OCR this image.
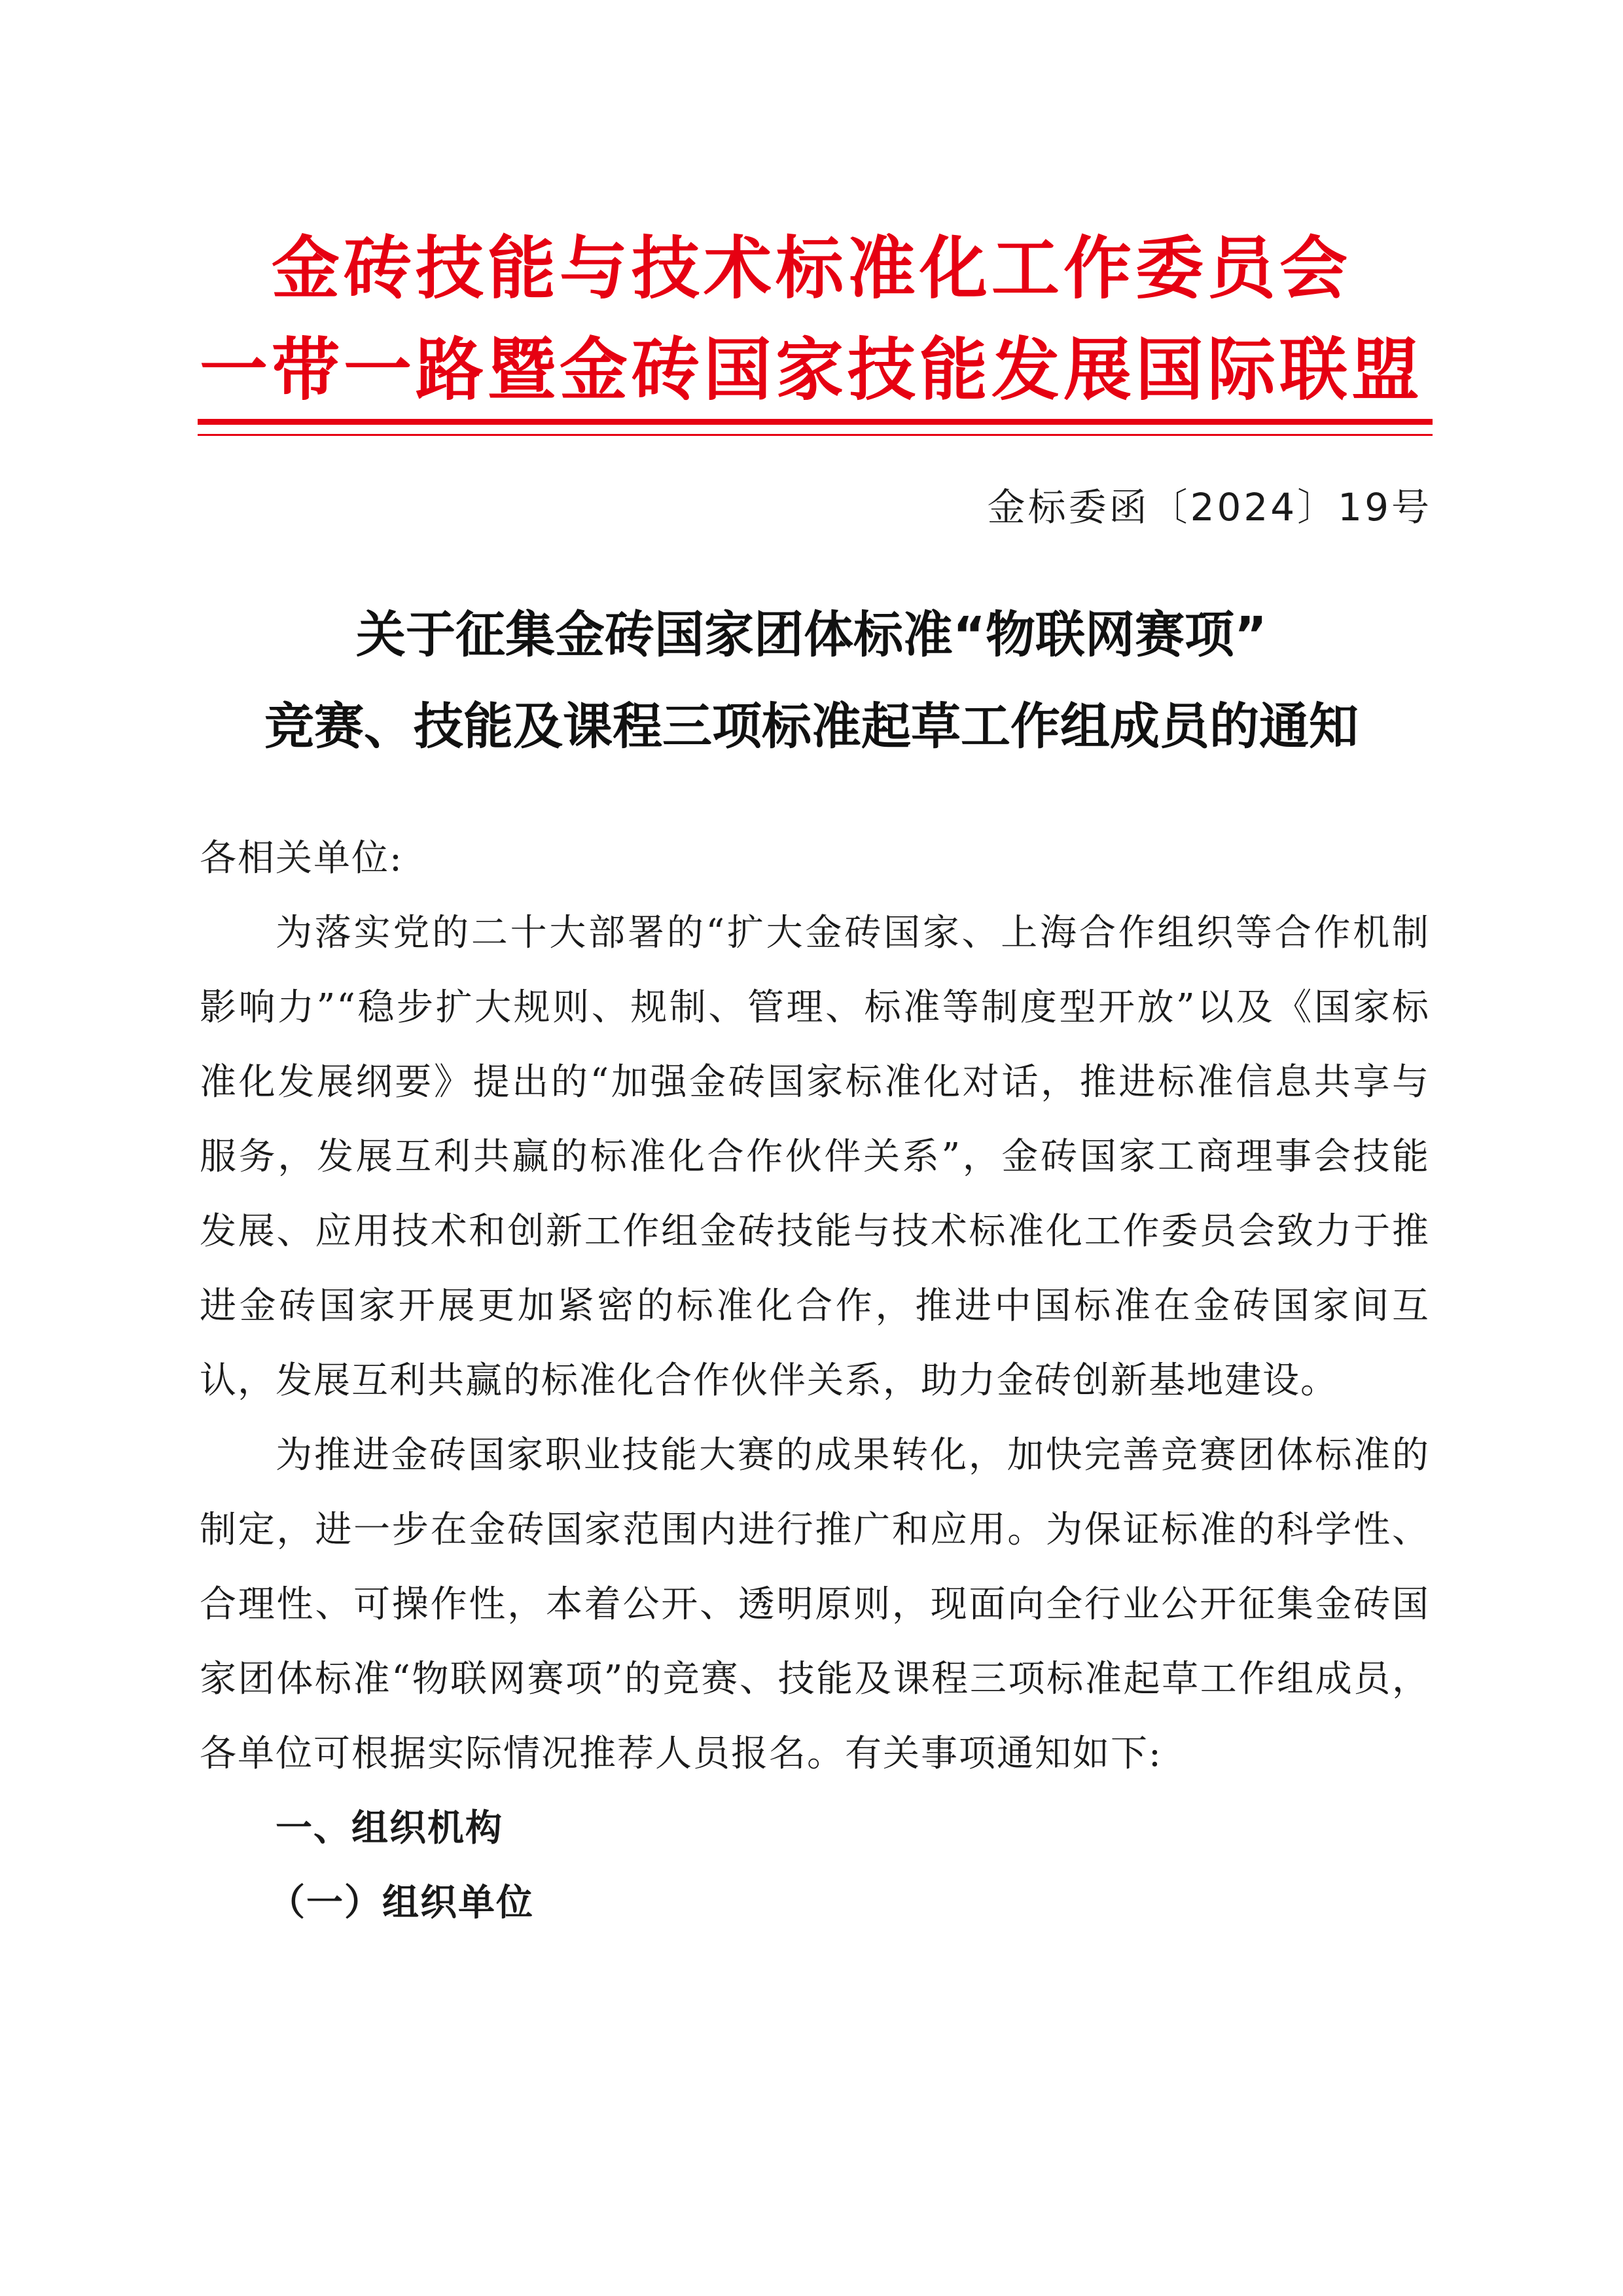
金砖技能与技术标准化工作委员会
一带一路暨金砖国家技能发展国际联盟
金标委函〔2024〕19号
关于征集金砖国家团体标准“物联网赛项”
竞赛、技能及课程三项标准起草工作组成员的通知

各相关单位:

为落实党的二十大部署的“扩大金砖国家、上海合作组织等合作机制影响力”“稳步扩大规则、规制、管理、标准等制度型开放”以及《国家标准化发展纲要》提出的“加强金砖国家标准化对话，推进标准信息共享与服务，发展互利共赢的标准化合作伙伴关系”，金砖国家工商理事会技能发展、应用技术和创新工作组金砖技能与技术标准化工作委员会致力于推进金砖国家开展更加紧密的标准化合作，推进中国标准在金砖国家间互认，发展互利共赢的标准化合作伙伴关系，助力金砖创新基地建设。

为推进金砖国家职业技能大赛的成果转化，加快完善竞赛团体标准的制定，进一步在金砖国家范围内进行推广和应用。为保证标准的科学性、合理性、可操作性，本着公开、透明原则，现面向全行业公开征集金砖国家团体标准“物联网赛项”的竞赛、技能及课程三项标准起草工作组成员，各单位可根据实际情况推荐人员报名。有关事项通知如下:

一、组织机构

（一）组织单位
